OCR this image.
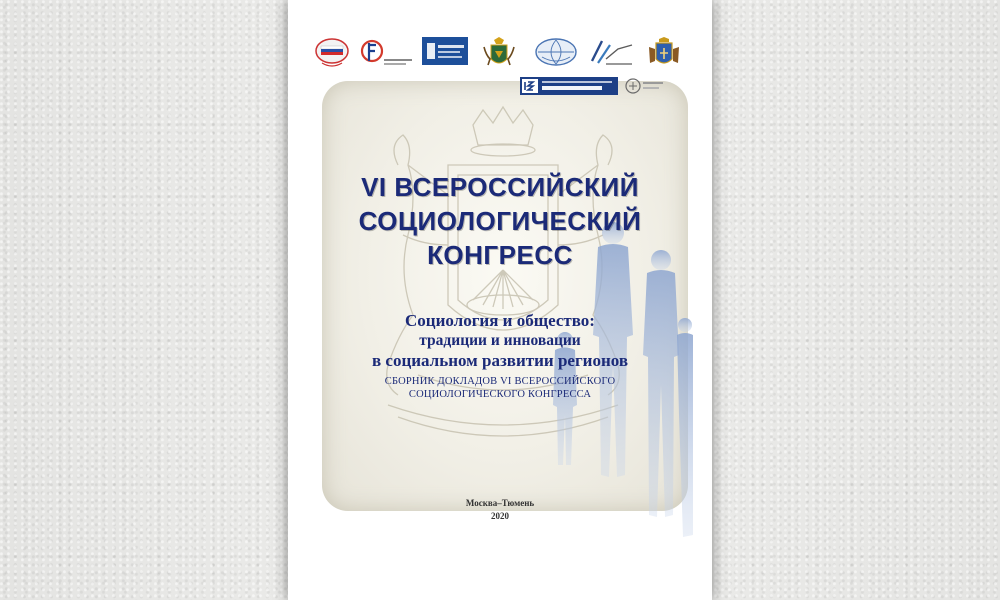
VI ВСЕРОССИЙСКИЙ
СОЦИОЛОГИЧЕСКИЙ
КОНГРЕСС
Социология и общество:
традиции и инновации
в социальном развитии регионов
СБОРНИК ДОКЛАДОВ VI ВСЕРОССИЙСКОГО
СОЦИОЛОГИЧЕСКОГО КОНГРЕССА
Москва–Тюмень
2020
